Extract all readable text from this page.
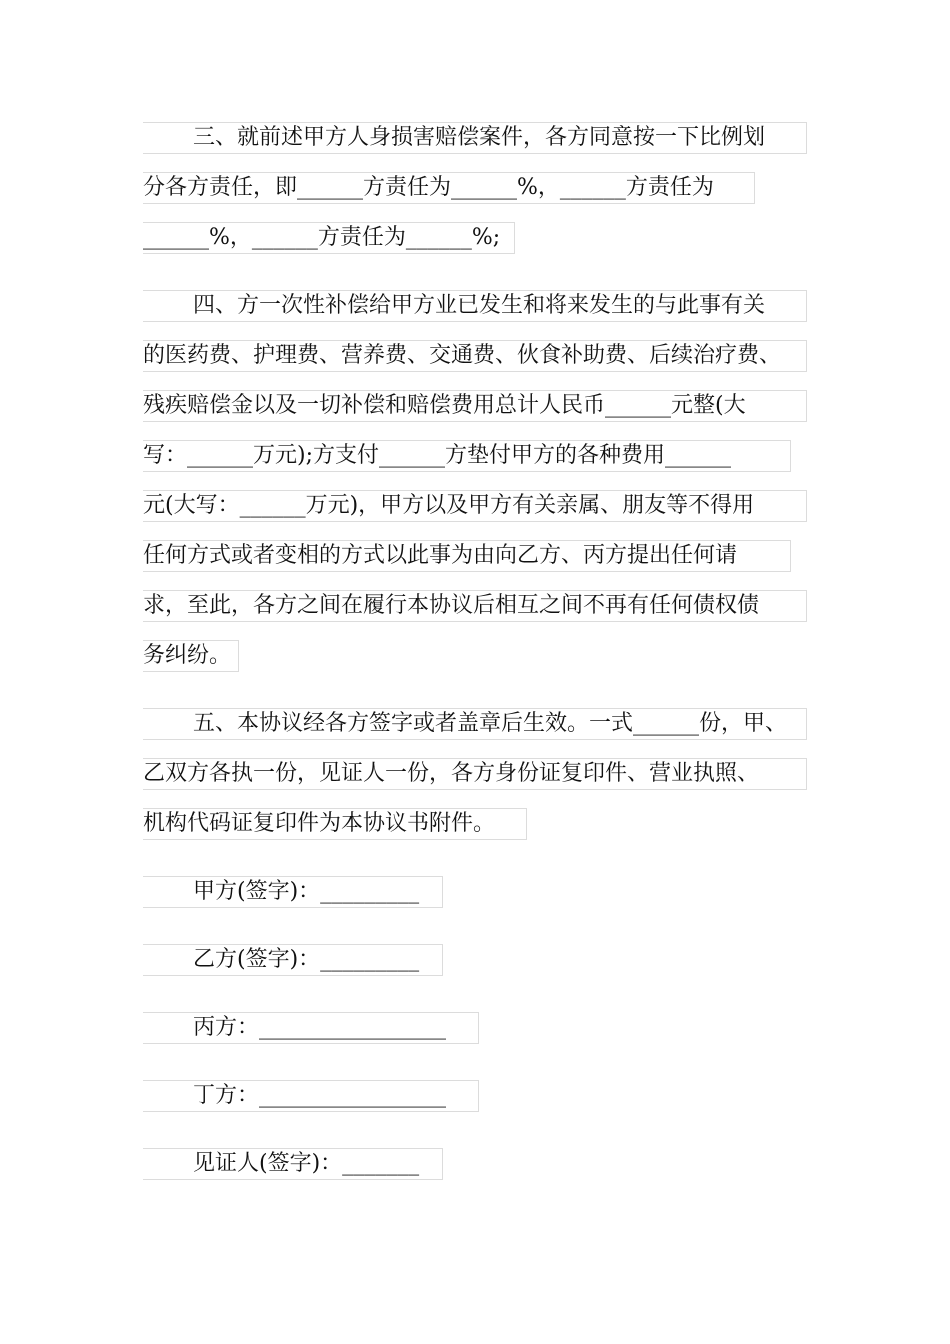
三、就前述甲方人身损害赔偿案件，各方同意按一下比例划
分各方责任，即______方责任为______%，______方责任为
______%，______方责任为______%;
四、方一次性补偿给甲方业已发生和将来发生的与此事有关
的医药费、护理费、营养费、交通费、伙食补助费、后续治疗费、
残疾赔偿金以及一切补偿和赔偿费用总计人民币______元整(大
写：______万元);方支付______方垫付甲方的各种费用______
元(大写：______万元)，甲方以及甲方有关亲属、朋友等不得用
任何方式或者变相的方式以此事为由向乙方、丙方提出任何请
求，至此，各方之间在履行本协议后相互之间不再有任何债权债
务纠纷。
五、本协议经各方签字或者盖章后生效。一式______份，甲、
乙双方各执一份，见证人一份，各方身份证复印件、营业执照、
机构代码证复印件为本协议书附件。
甲方(签字)：_________
乙方(签字)：_________
丙方：_________________
丁方：_________________
见证人(签字)：_______
